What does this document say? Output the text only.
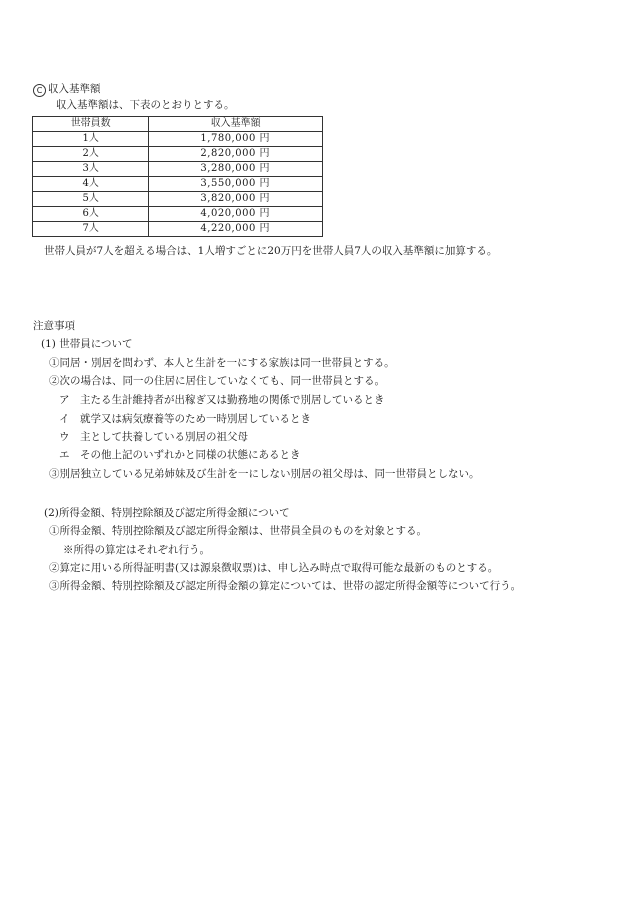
C 収入基準額
収入基準額は、下表のとおりとする。
世帯員数	収入基準額
1人	1,780,000 円
2人	2,820,000 円
3人	3,280,000 円
4人	3,550,000 円
5人	3,820,000 円
6人	4,020,000 円
7人	4,220,000 円
世帯人員が7人を超える場合は、1人増すごとに20万円を世帯人員7人の収入基準額に加算する。
注意事項
(1) 世帯員について
①同居・別居を問わず、本人と生計を一にする家族は同一世帯員とする。
②次の場合は、同一の住居に居住していなくても、同一世帯員とする。
ア　主たる生計維持者が出稼ぎ又は勤務地の関係で別居しているとき
イ　就学又は病気療養等のため一時別居しているとき
ウ　主として扶養している別居の祖父母
エ　その他上記のいずれかと同様の状態にあるとき
③別居独立している兄弟姉妹及び生計を一にしない別居の祖父母は、同一世帯員としない。
(2)所得金額、特別控除額及び認定所得金額について
①所得金額、特別控除額及び認定所得金額は、世帯員全員のものを対象とする。
※所得の算定はそれぞれ行う。
②算定に用いる所得証明書(又は源泉徴収票)は、申し込み時点で取得可能な最新のものとする。
③所得金額、特別控除額及び認定所得金額の算定については、世帯の認定所得金額等について行う。
